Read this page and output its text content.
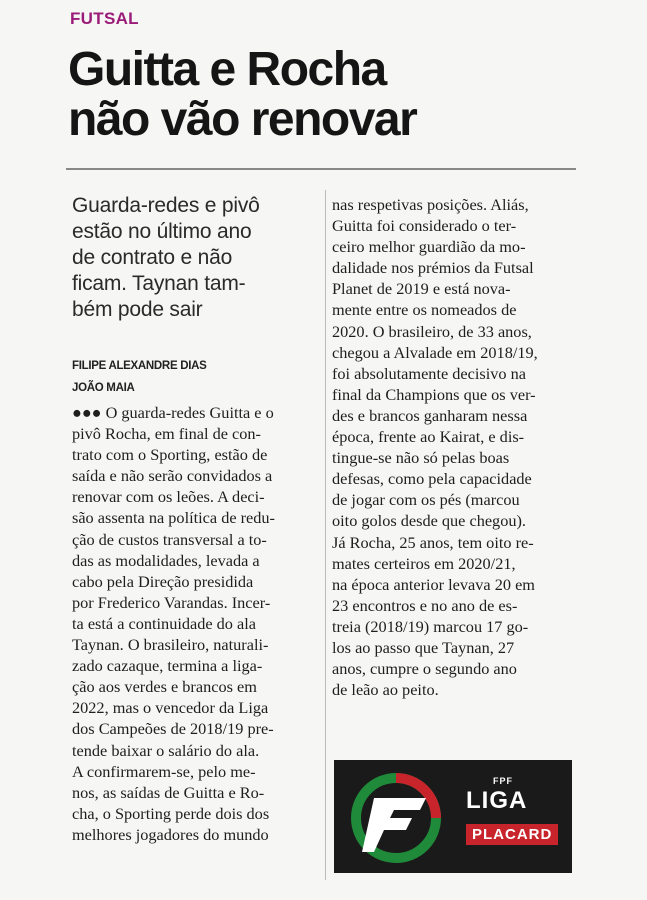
FUTSAL
Guitta e Rocha
não vão renovar
Guarda-redes e pivô
estão no último ano
de contrato e não
ficam. Taynan tam-
bém pode sair
FILIPE ALEXANDRE DIAS
JOÃO MAIA
●●● O guarda-redes Guitta e o
pivô Rocha, em final de con-
trato com o Sporting, estão de
saída e não serão convidados a
renovar com os leões. A deci-
são assenta na política de redu-
ção de custos transversal a to-
das as modalidades, levada a
cabo pela Direção presidida
por Frederico Varandas. Incer-
ta está a continuidade do ala
Taynan. O brasileiro, naturali-
zado cazaque, termina a liga-
ção aos verdes e brancos em
2022, mas o vencedor da Liga
dos Campeões de 2018/19 pre-
tende baixar o salário do ala.
A confirmarem-se, pelo me-
nos, as saídas de Guitta e Ro-
cha, o Sporting perde dois dos
melhores jogadores do mundo
nas respetivas posições. Aliás,
Guitta foi considerado o ter-
ceiro melhor guardião da mo-
dalidade nos prémios da Futsal
Planet de 2019 e está nova-
mente entre os nomeados de
2020. O brasileiro, de 33 anos,
chegou a Alvalade em 2018/19,
foi absolutamente decisivo na
final da Champions que os ver-
des e brancos ganharam nessa
época, frente ao Kairat, e dis-
tingue-se não só pelas boas
defesas, como pela capacidade
de jogar com os pés (marcou
oito golos desde que chegou).
Já Rocha, 25 anos, tem oito re-
mates certeiros em 2020/21,
na época anterior levava 20 em
23 encontros e no ano de es-
treia (2018/19) marcou 17 go-
los ao passo que Taynan, 27
anos, cumpre o segundo ano
de leão ao peito.
FPF
LIGA
PLACARD
